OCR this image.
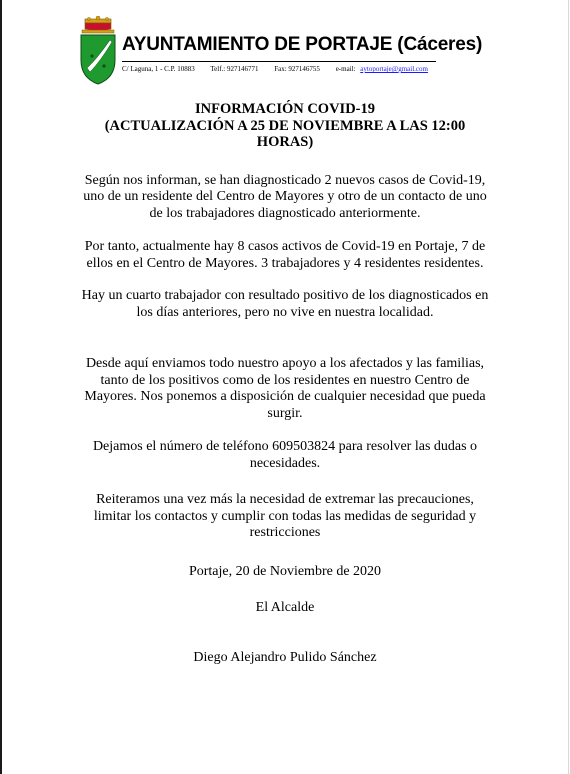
AYUNTAMIENTO DE PORTAJE (Cáceres)
C/ Laguna, 1 - C.P. 10883 Telf.: 927146771 Fax: 927146755 e-mail: aytoportaje@gmail.com
INFORMACIÓN COVID-19
(ACTUALIZACIÓN A 25 DE NOVIEMBRE A LAS 12:00
HORAS)

Según nos informan, se han diagnosticado 2 nuevos casos de Covid-19, uno de un residente del Centro de Mayores y otro de un contacto de uno de los trabajadores diagnosticado anteriormente.

Por tanto, actualmente hay 8 casos activos de Covid-19 en Portaje, 7 de ellos en el Centro de Mayores. 3 trabajadores y 4 residentes residentes.

Hay un cuarto trabajador con resultado positivo de los diagnosticados en los días anteriores, pero no vive en nuestra localidad.

Desde aquí enviamos todo nuestro apoyo a los afectados y las familias, tanto de los positivos como de los residentes en nuestro Centro de Mayores. Nos ponemos a disposición de cualquier necesidad que pueda surgir.

Dejamos el número de teléfono 609503824 para resolver las dudas o necesidades.

Reiteramos una vez más la necesidad de extremar las precauciones, limitar los contactos y cumplir con todas las medidas de seguridad y restricciones

Portaje, 20 de Noviembre de 2020

El Alcalde

Diego Alejandro Pulido Sánchez
